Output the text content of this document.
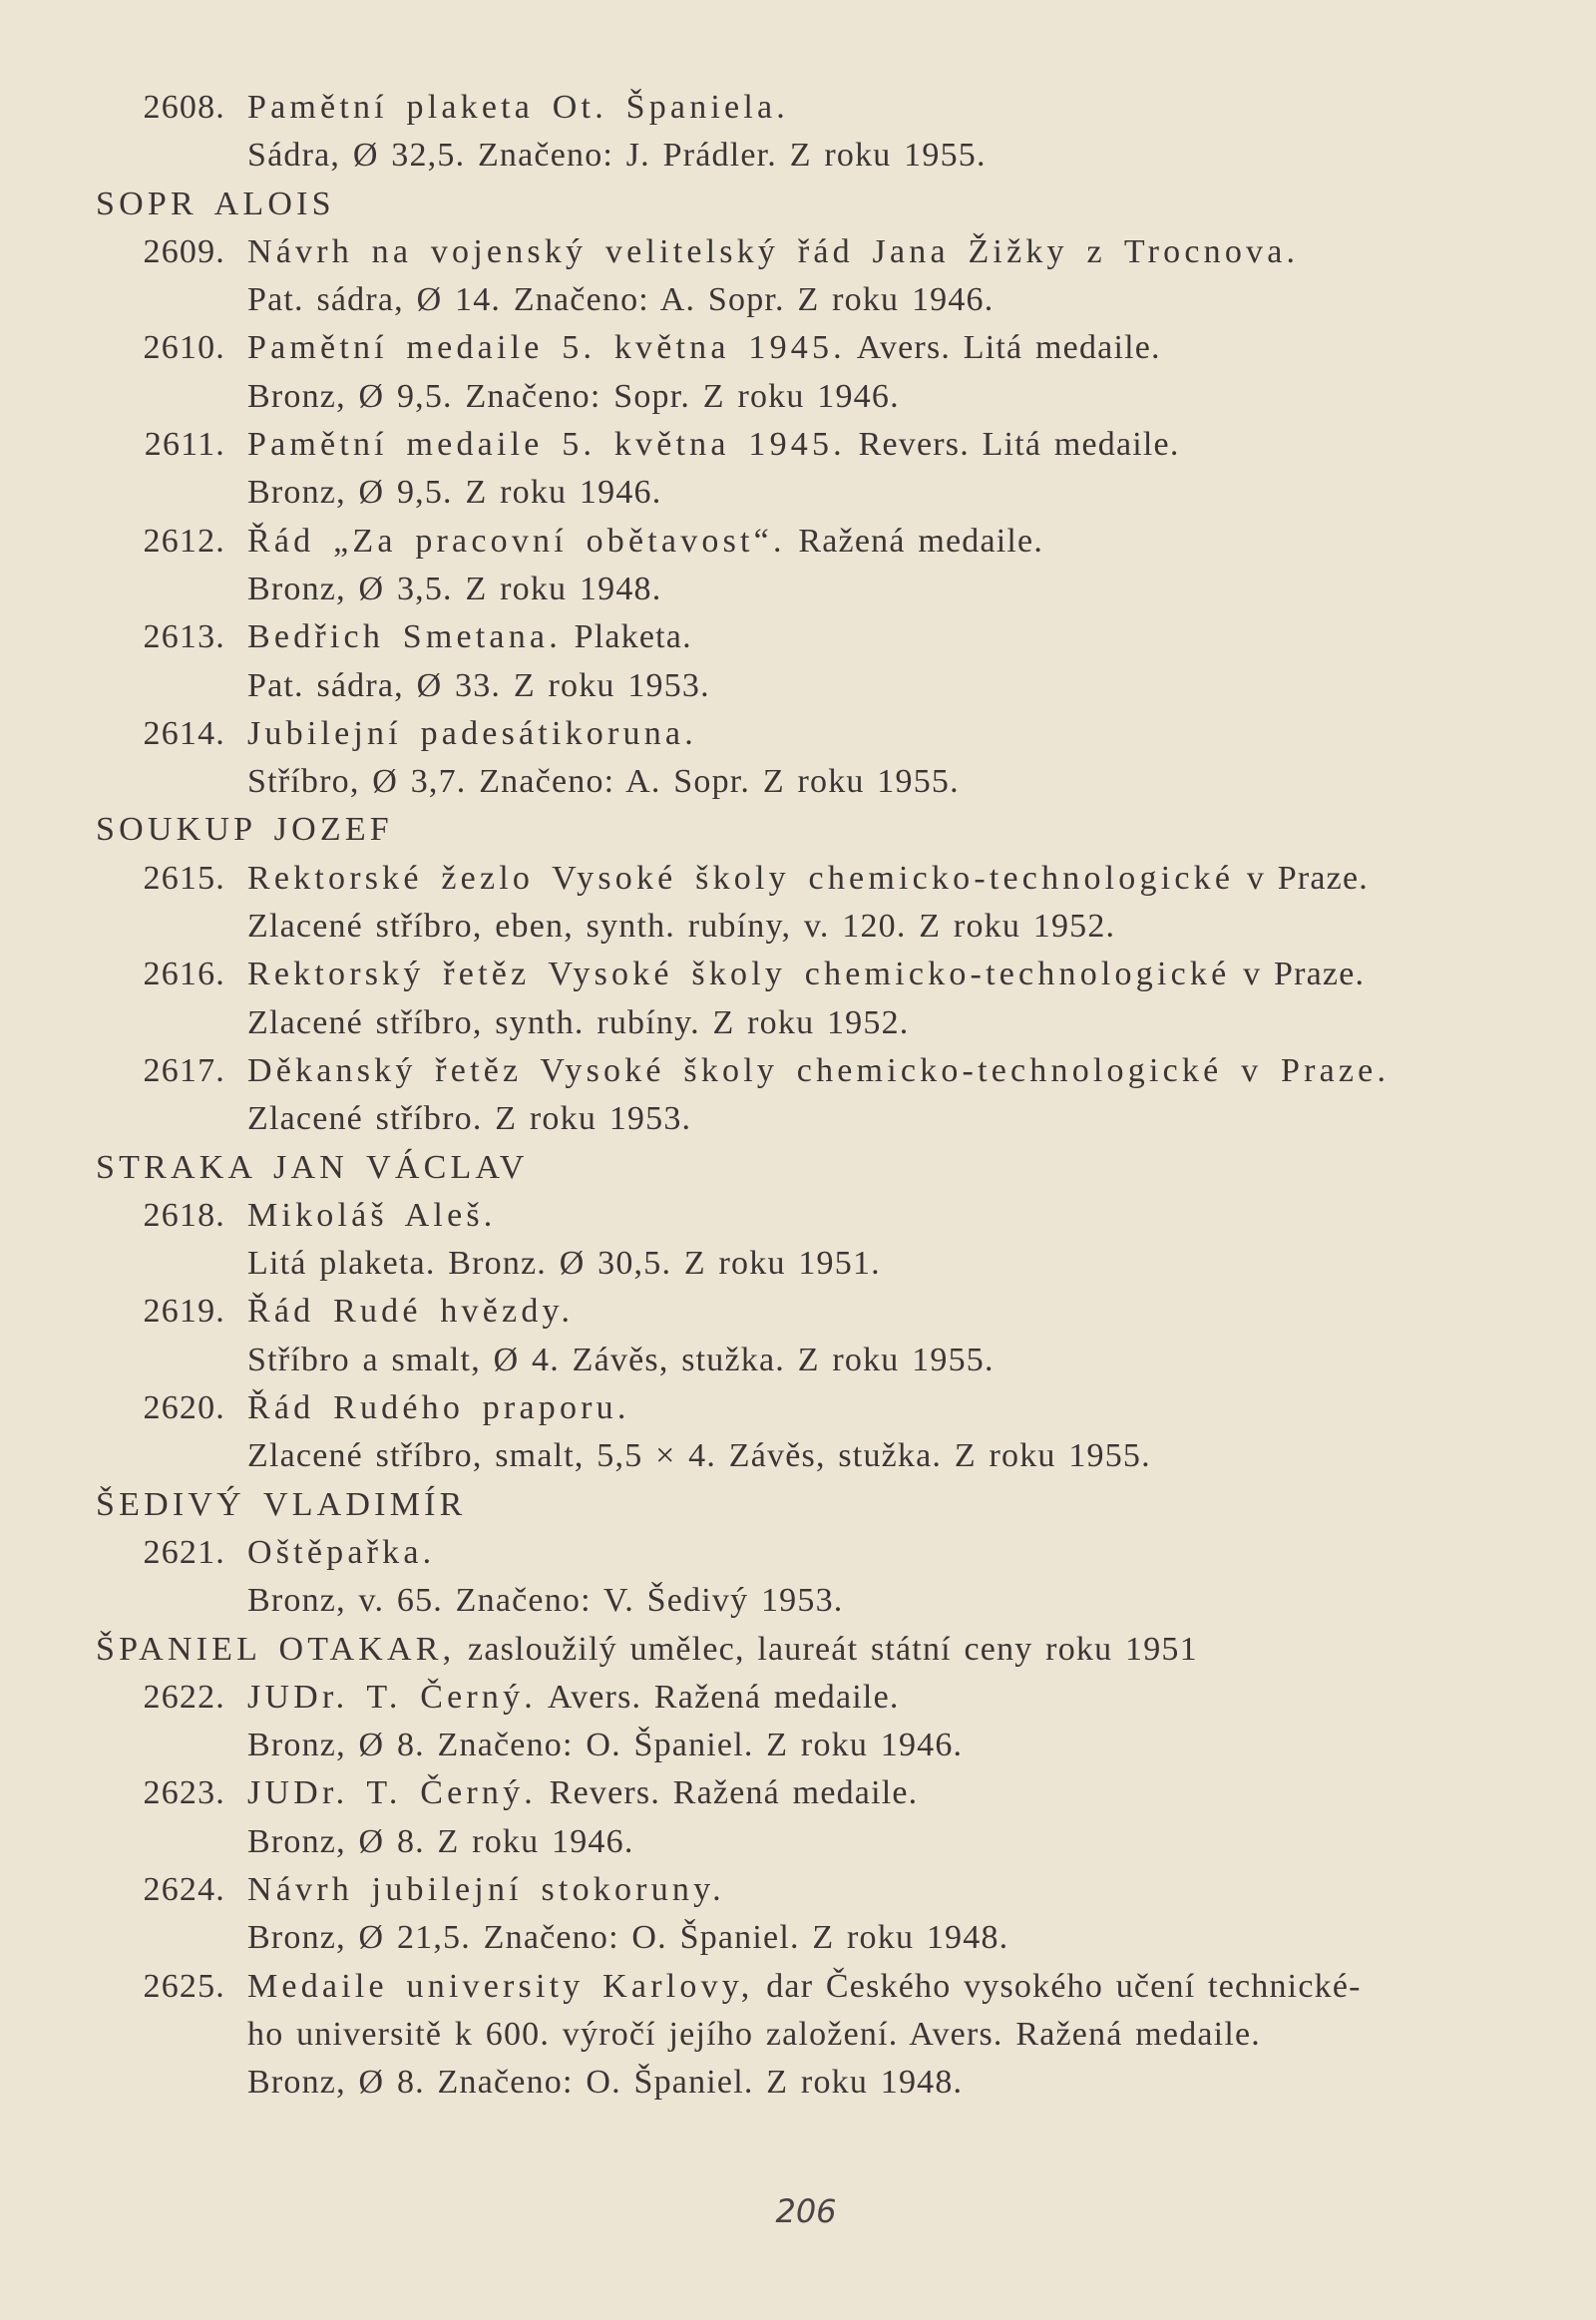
2608. Pamětní plaketa Ot. Španiela.
Sádra, Ø 32,5. Značeno: J. Prádler. Z roku 1955.
SOPR ALOIS
2609. Návrh na vojenský velitelský řád Jana Žižky z Trocnova.
Pat. sádra, Ø 14. Značeno: A. Sopr. Z roku 1946.
2610. Pamětní medaile 5. května 1945. Avers. Litá medaile.
Bronz, Ø 9,5. Značeno: Sopr. Z roku 1946.
2611. Pamětní medaile 5. května 1945. Revers. Litá medaile.
Bronz, Ø 9,5. Z roku 1946.
2612. Řád „Za pracovní obětavost“. Ražená medaile.
Bronz, Ø 3,5. Z roku 1948.
2613. Bedřich Smetana. Plaketa.
Pat. sádra, Ø 33. Z roku 1953.
2614. Jubilejní padesátikoruna.
Stříbro, Ø 3,7. Značeno: A. Sopr. Z roku 1955.
SOUKUP JOZEF
2615. Rektorské žezlo Vysoké školy chemicko-technologické v Praze.
Zlacené stříbro, eben, synth. rubíny, v. 120. Z roku 1952.
2616. Rektorský řetěz Vysoké školy chemicko-technologické v Praze.
Zlacené stříbro, synth. rubíny. Z roku 1952.
2617. Děkanský řetěz Vysoké školy chemicko-technologické v Praze.
Zlacené stříbro. Z roku 1953.
STRAKA JAN VÁCLAV
2618. Mikoláš Aleš.
Litá plaketa. Bronz. Ø 30,5. Z roku 1951.
2619. Řád Rudé hvězdy.
Stříbro a smalt, Ø 4. Závěs, stužka. Z roku 1955.
2620. Řád Rudého praporu.
Zlacené stříbro, smalt, 5,5 × 4. Závěs, stužka. Z roku 1955.
ŠEDIVÝ VLADIMÍR
2621. Oštěpařka.
Bronz, v. 65. Značeno: V. Šedivý 1953.
ŠPANIEL OTAKAR, zasloužilý umělec, laureát státní ceny roku 1951
2622. JUDr. T. Černý. Avers. Ražená medaile.
Bronz, Ø 8. Značeno: O. Španiel. Z roku 1946.
2623. JUDr. T. Černý. Revers. Ražená medaile.
Bronz, Ø 8. Z roku 1946.
2624. Návrh jubilejní stokoruny.
Bronz, Ø 21,5. Značeno: O. Španiel. Z roku 1948.
2625. Medaile university Karlovy, dar Českého vysokého učení technické-
ho universitě k 600. výročí jejího založení. Avers. Ražená medaile.
Bronz, Ø 8. Značeno: O. Španiel. Z roku 1948.
206
